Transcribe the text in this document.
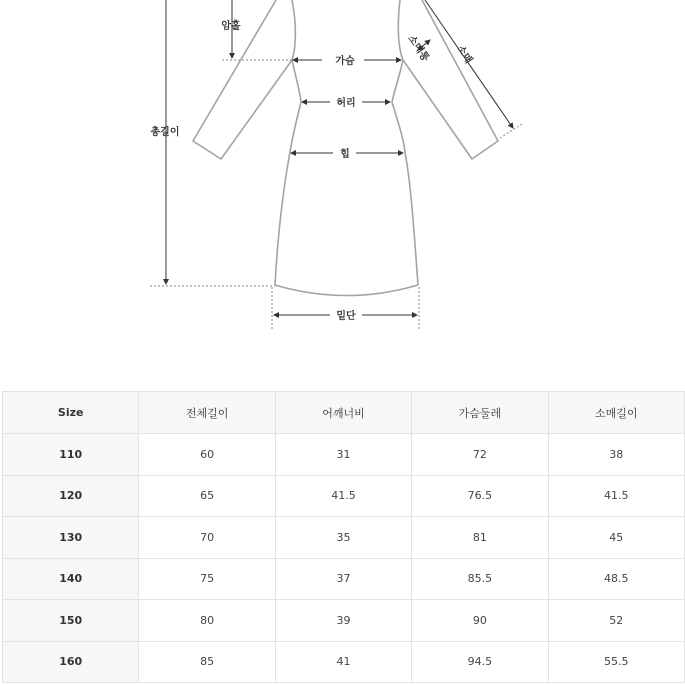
암홀
총길이
가슴
허리
힙
밑단
소매통 소매
Size	전체길이	어깨너비	가슴둘레	소매길이
110	60	31	72	38
120	65	41.5	76.5	41.5
130	70	35	81	45
140	75	37	85.5	48.5
150	80	39	90	52
160	85	41	94.5	55.5
